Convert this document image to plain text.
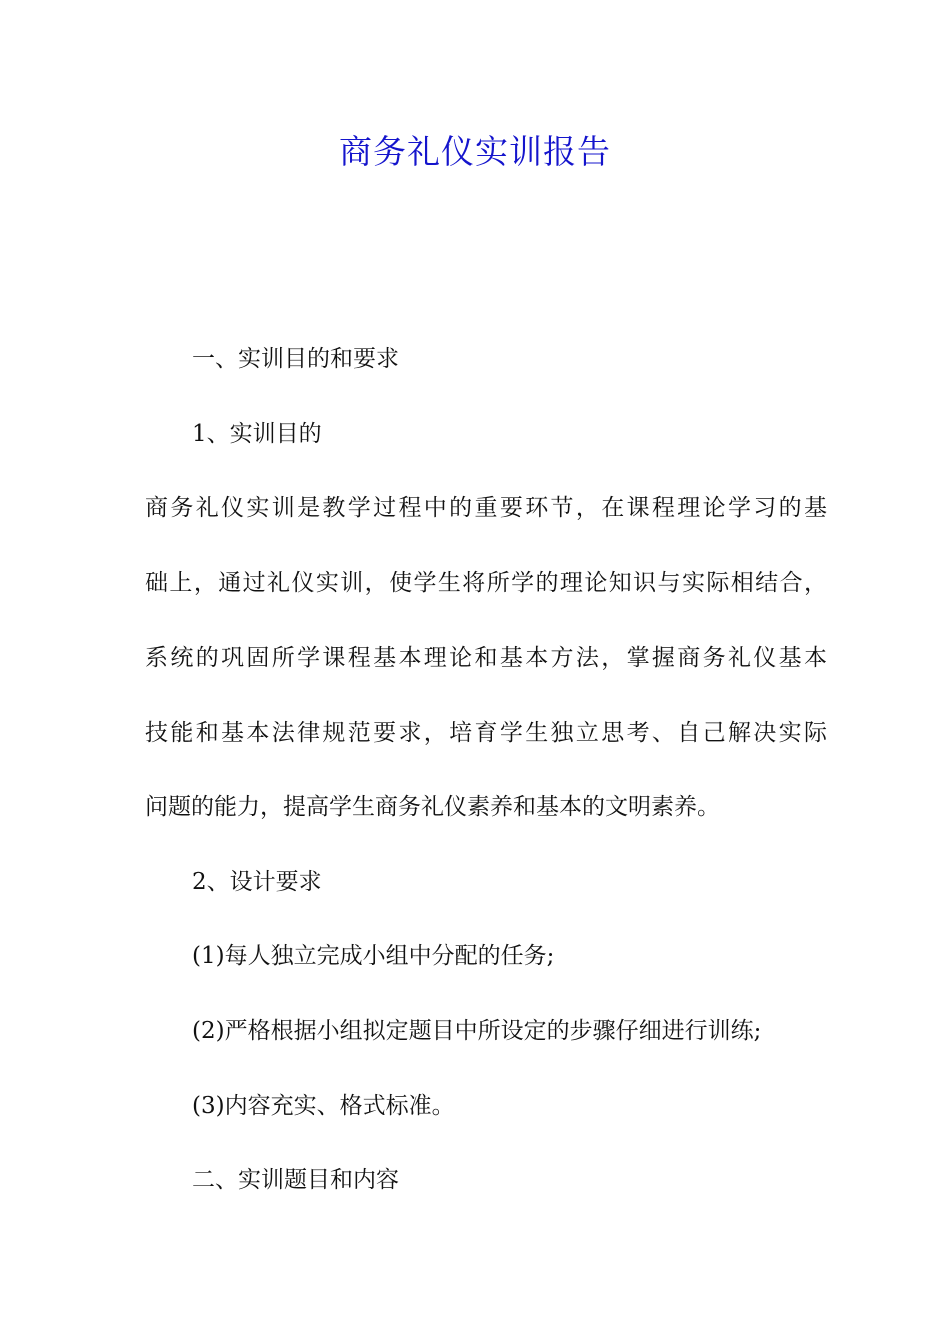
商务礼仪实训报告
一、实训目的和要求
1、实训目的
商务礼仪实训是教学过程中的重要环节，在课程理论学习的基
础上，通过礼仪实训，使学生将所学的理论知识与实际相结合，
系统的巩固所学课程基本理论和基本方法，掌握商务礼仪基本
技能和基本法律规范要求，培育学生独立思考、自己解决实际
问题的能力，提高学生商务礼仪素养和基本的文明素养。
2、设计要求
(1)每人独立完成小组中分配的任务;
(2)严格根据小组拟定题目中所设定的步骤仔细进行训练;
(3)内容充实、格式标准。
二、实训题目和内容
